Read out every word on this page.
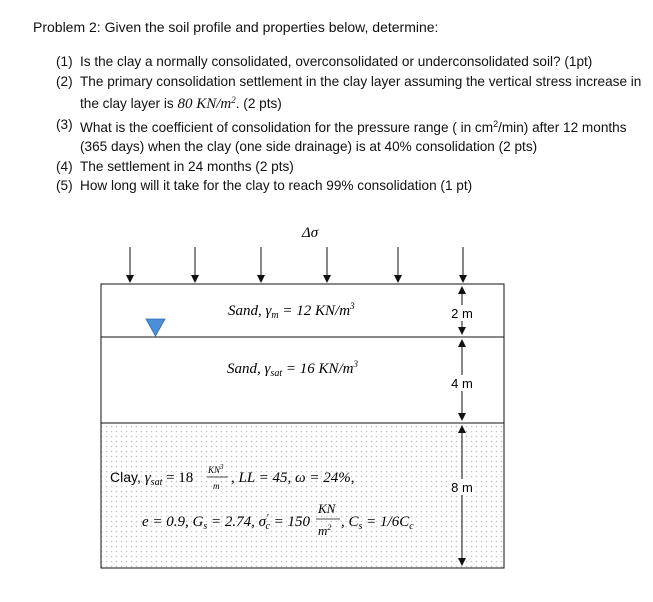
Problem 2: Given the soil profile and properties below, determine:
(1) Is the clay a normally consolidated, overconsolidated or underconsolidated soil? (1pt)
(2) The primary consolidation settlement in the clay layer assuming the vertical stress increase in the clay layer is 80 $KN/m^2$. (2 pts)
(3) What is the coefficient of consolidation for the pressure range ( in $cm^2/\min$) after 12 months (365 days) when the clay (one side drainage) is at 40% consolidation (2 pts)
(4) The settlement in 24 months (2 pts)
(5) How long will it take for the clay to reach 99% consolidation (1 pt)
Δσ
Sand, $\gamma_m = 12$ $KN/m^3$
Sand, $\gamma_{sat} = 16$ $KN/m^3$
Clay, $\gamma_{sat} = 18$ $KN^3$
m , LL = 45, ω = 24%,
e = 0.9, $G_s = 2.74$, σ′ c = 150
KN
$m^2$ , $C_s = 1/6C_c$
2 m
4 m
8 m
